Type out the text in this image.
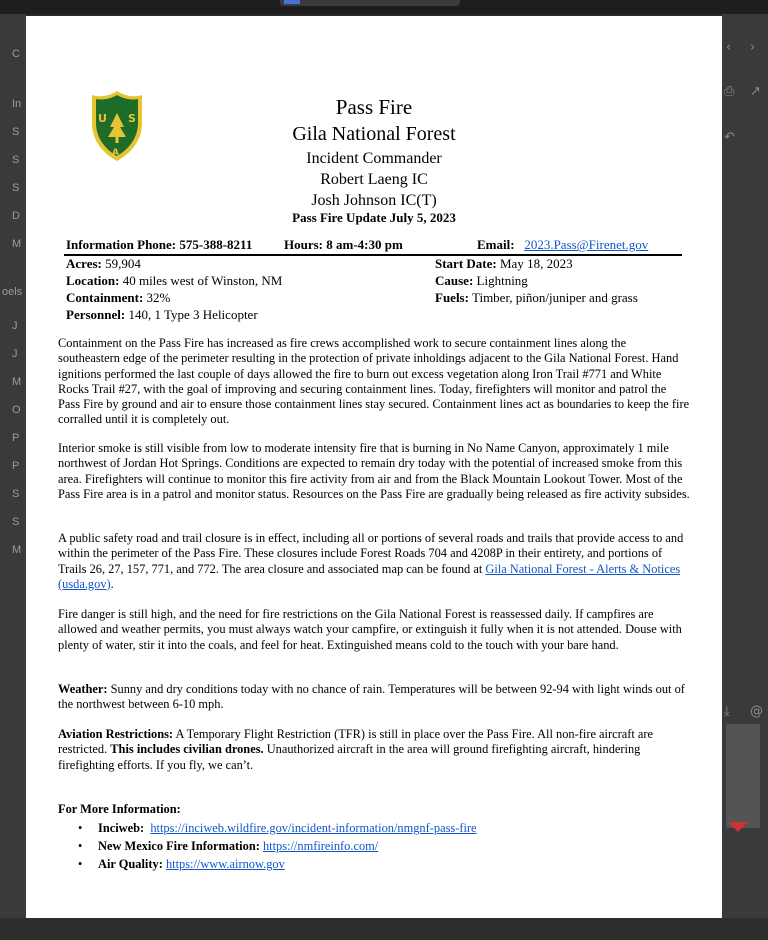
C
In
S
S
S
D
M
oels
J
J
M
O
P
P
S
S
M
‹ ›
⎙ ↗
↶
⤓ @
U S
A
Pass Fire
Gila National Forest
Incident Commander
Robert Laeng IC
Josh Johnson IC(T)
Pass Fire Update July 5, 2023
Information Phone: 575-388-8211 Hours: 8 am-4:30 pm	Email: 2023.Pass@Firenet.gov
Acres: 59,904
Location: 40 miles west of Winston, NM
Containment: 32%
Personnel: 140, 1 Type 3 Helicopter
Start Date: May 18, 2023
Cause: Lightning
Fuels: Timber, piñon/juniper and grass
Containment on the Pass Fire has increased as fire crews accomplished work to secure containment lines along the southeastern edge of the perimeter resulting in the protection of private inholdings adjacent to the Gila National Forest. Hand ignitions performed the last couple of days allowed the fire to burn out excess vegetation along Iron Trail #771 and White Rocks Trail #27, with the goal of improving and securing containment lines. Today, firefighters will monitor and patrol the Pass Fire by ground and air to ensure those containment lines stay secured. Containment lines act as boundaries to keep the fire corralled until it is completely out.
Interior smoke is still visible from low to moderate intensity fire that is burning in No Name Canyon, approximately 1 mile northwest of Jordan Hot Springs. Conditions are expected to remain dry today with the potential of increased smoke from this area. Firefighters will continue to monitor this fire activity from air and from the Black Mountain Lookout Tower. Most of the Pass Fire area is in a patrol and monitor status. Resources on the Pass Fire are gradually being released as fire activity subsides.
A public safety road and trail closure is in effect, including all or portions of several roads and trails that provide access to and within the perimeter of the Pass Fire. These closures include Forest Roads 704 and 4208P in their entirety, and portions of Trails 26, 27, 157, 771, and 772. The area closure and associated map can be found at Gila National Forest - Alerts & Notices (usda.gov).
Fire danger is still high, and the need for fire restrictions on the Gila National Forest is reassessed daily. If campfires are allowed and weather permits, you must always watch your campfire, or extinguish it fully when it is not attended. Douse with plenty of water, stir it into the coals, and feel for heat. Extinguished means cold to the touch with your bare hand.
Weather: Sunny and dry conditions today with no chance of rain. Temperatures will be between 92-94 with light winds out of the northwest between 6-10 mph.
Aviation Restrictions: A Temporary Flight Restriction (TFR) is still in place over the Pass Fire. All non-fire aircraft are restricted. This includes civilian drones. Unauthorized aircraft in the area will ground firefighting aircraft, hindering firefighting efforts. If you fly, we can’t.
For More Information:
• Inciweb: https://inciweb.wildfire.gov/incident-information/nmgnf-pass-fire
• New Mexico Fire Information: https://nmfireinfo.com/
• Air Quality: https://www.airnow.gov
